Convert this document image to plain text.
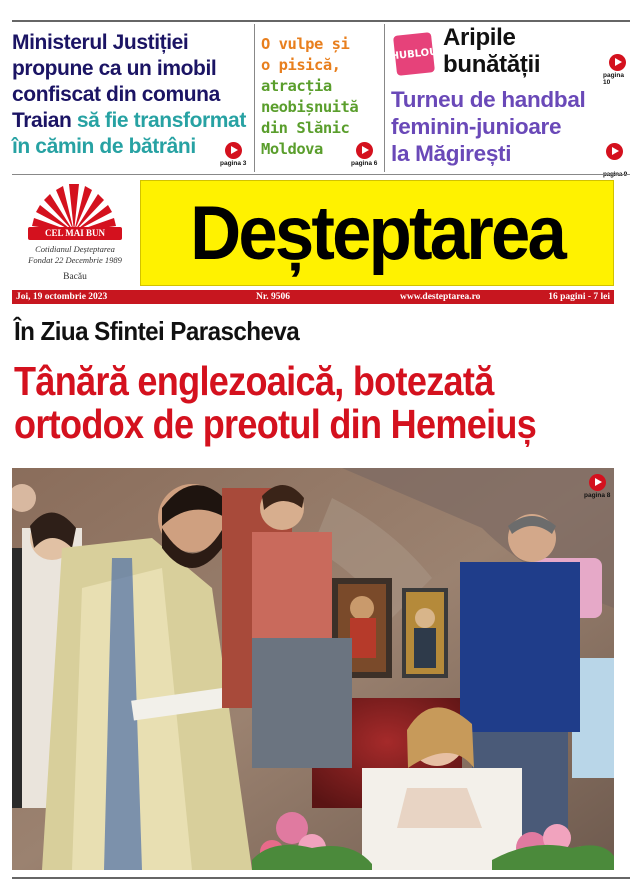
Ministerul Justiției
propune ca un imobil
confiscat din comuna
Traian să fie transformat
în cămin de bătrâni
pagina 3
O vulpe și
o pisică,
atracția
neobișnuită
din Slănic
Moldova
pagina 6
HUBLOU
Aripile
bunătății	pagina 10
Turneu de handbal
feminin-junioare
la Măgirești
CEL MAI BUN
Cotidianul Deșteptarea
Fondat 22 Decembrie 1989
Bacău
Deșteptarea
Joi, 19 octombrie 2023	Nr. 9506	www.desteptarea.ro	16 pagini - 7 lei
În Ziua Sfintei Parascheva
Tânără englezoaică, botezată
ortodox de preotul din Hemeiuș
pagina 8
